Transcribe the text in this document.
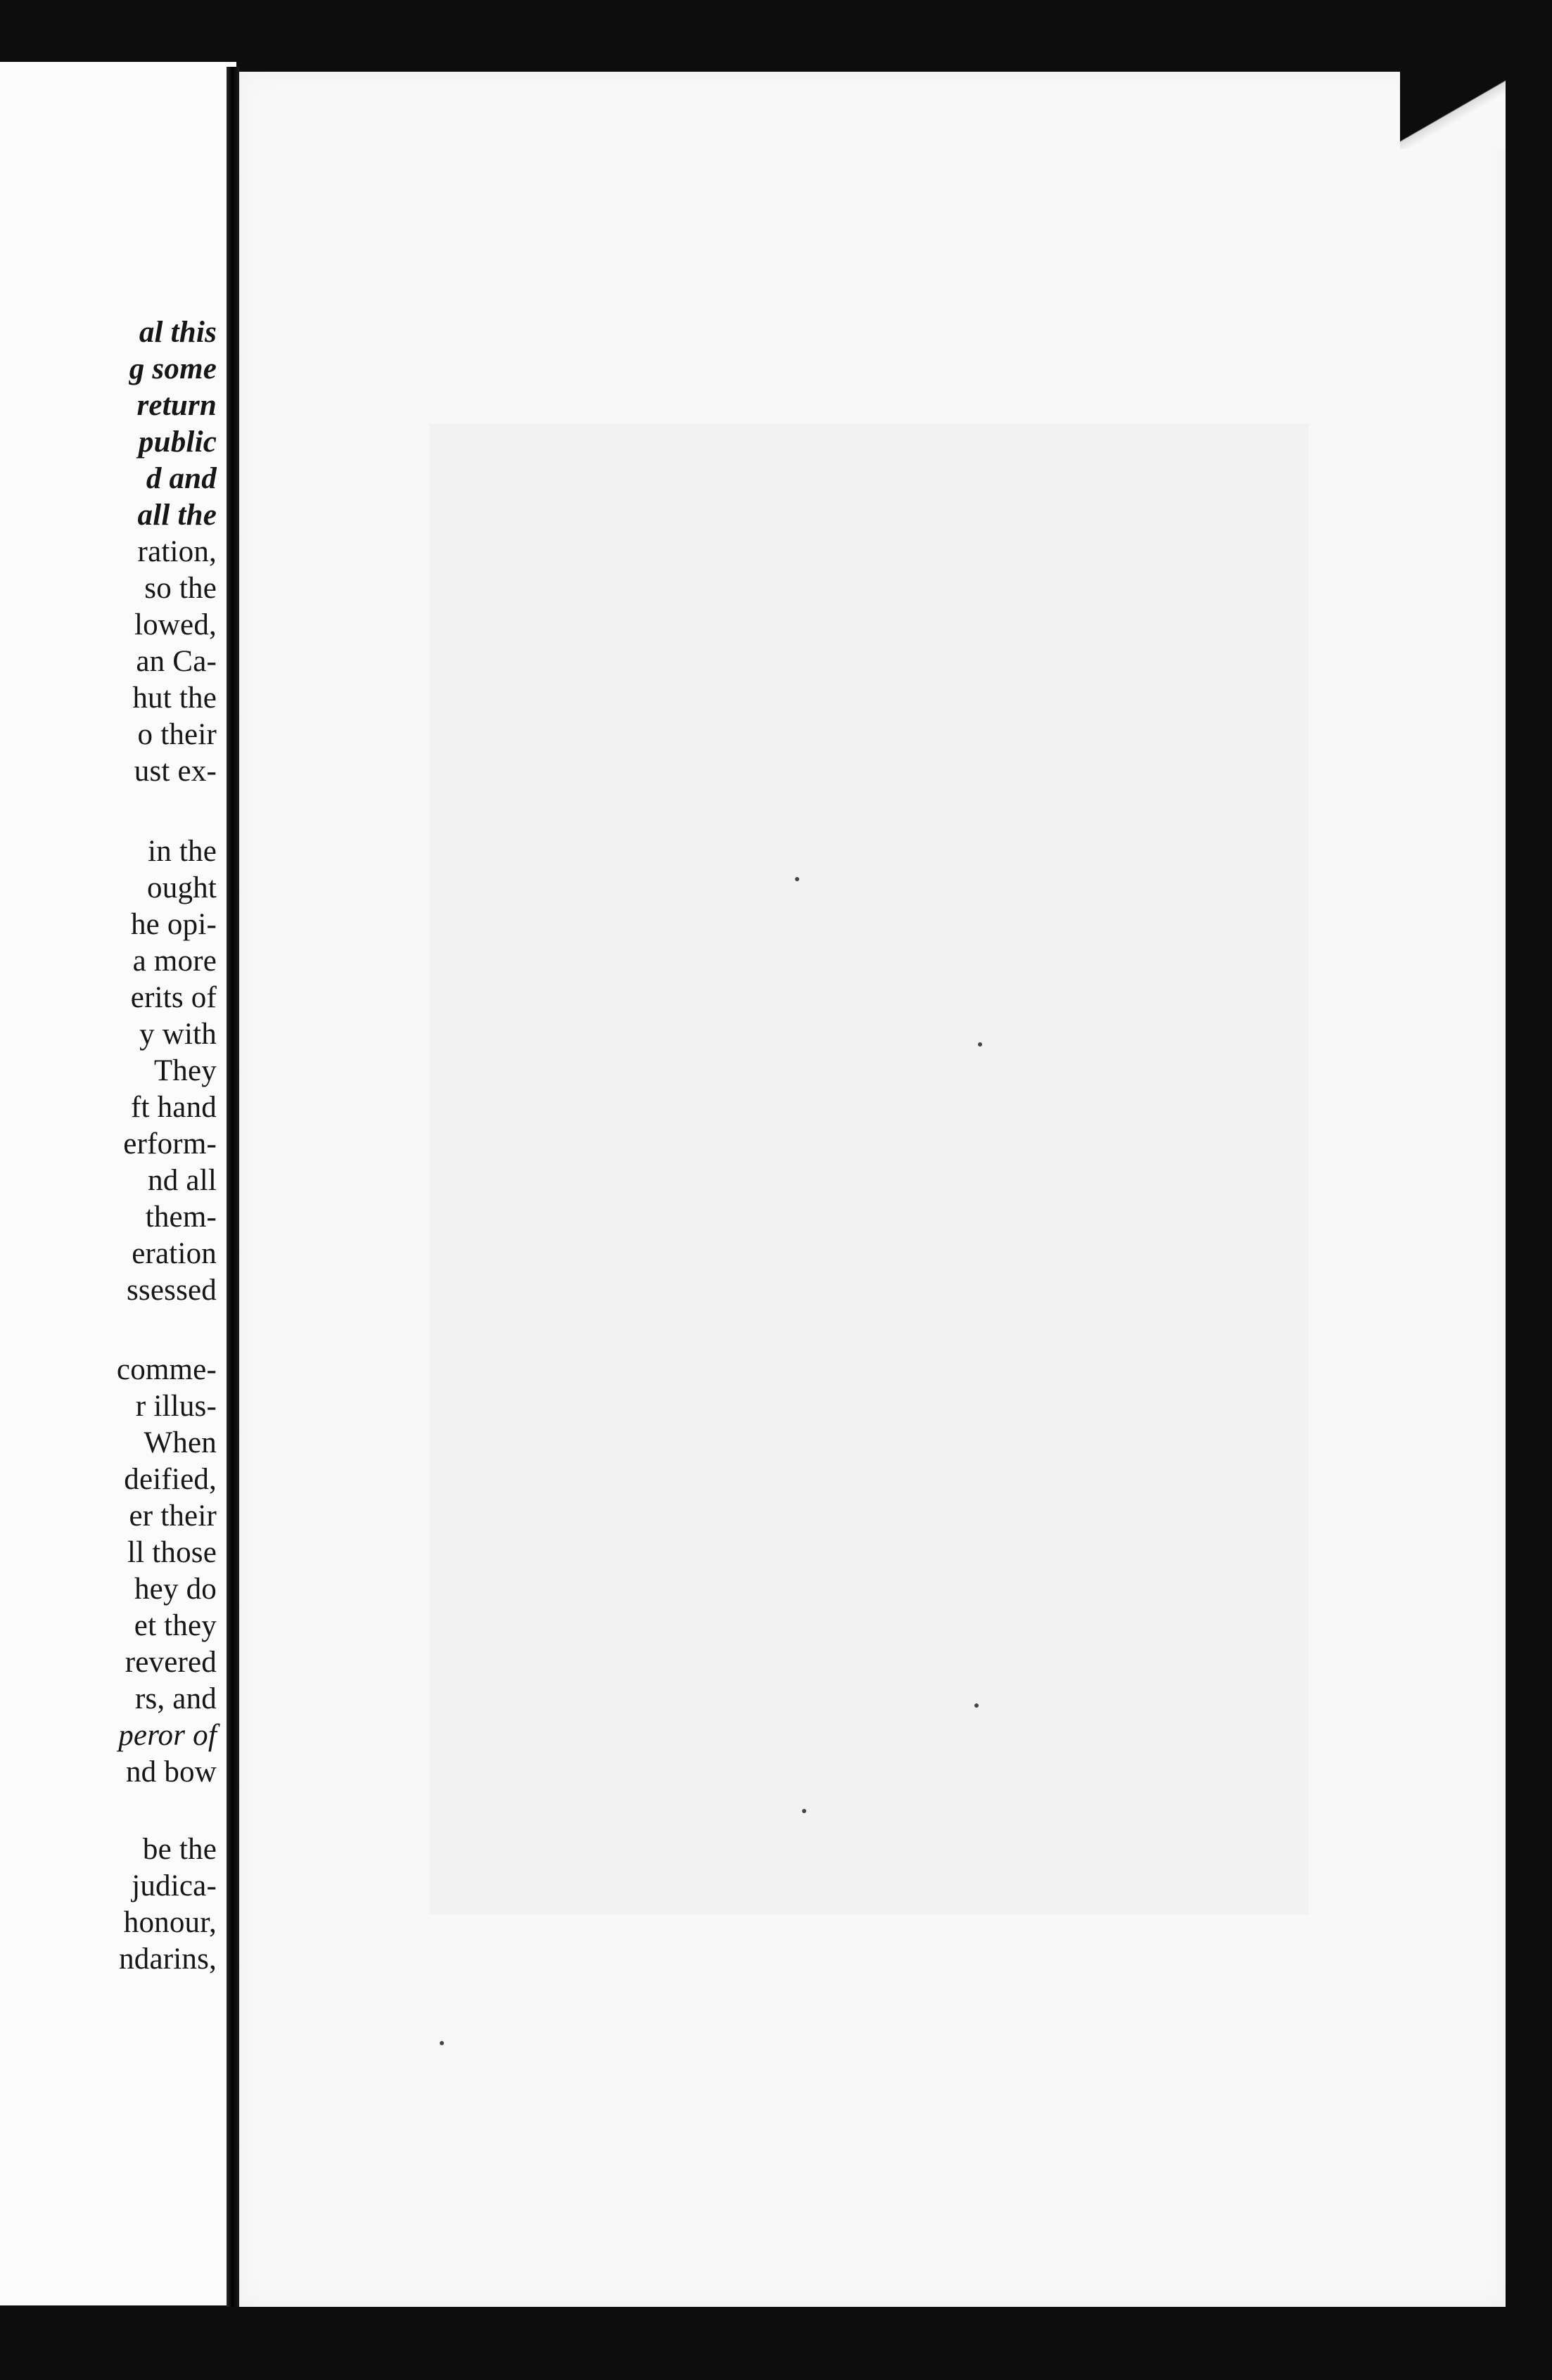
al this
g some
return
public
d and
all the
ration,
so the
lowed,
an Ca-
hut the
o their
ust ex-
in the
ought
he opi-
a more
erits of
y with
They
ft hand
erform-
nd all
them-
eration
ssessed
comme-
r illus-
When
deified,
er their
ll those
hey do
et they
revered
rs, and
peror of
nd bow
be the
judica-
honour,
ndarins,
